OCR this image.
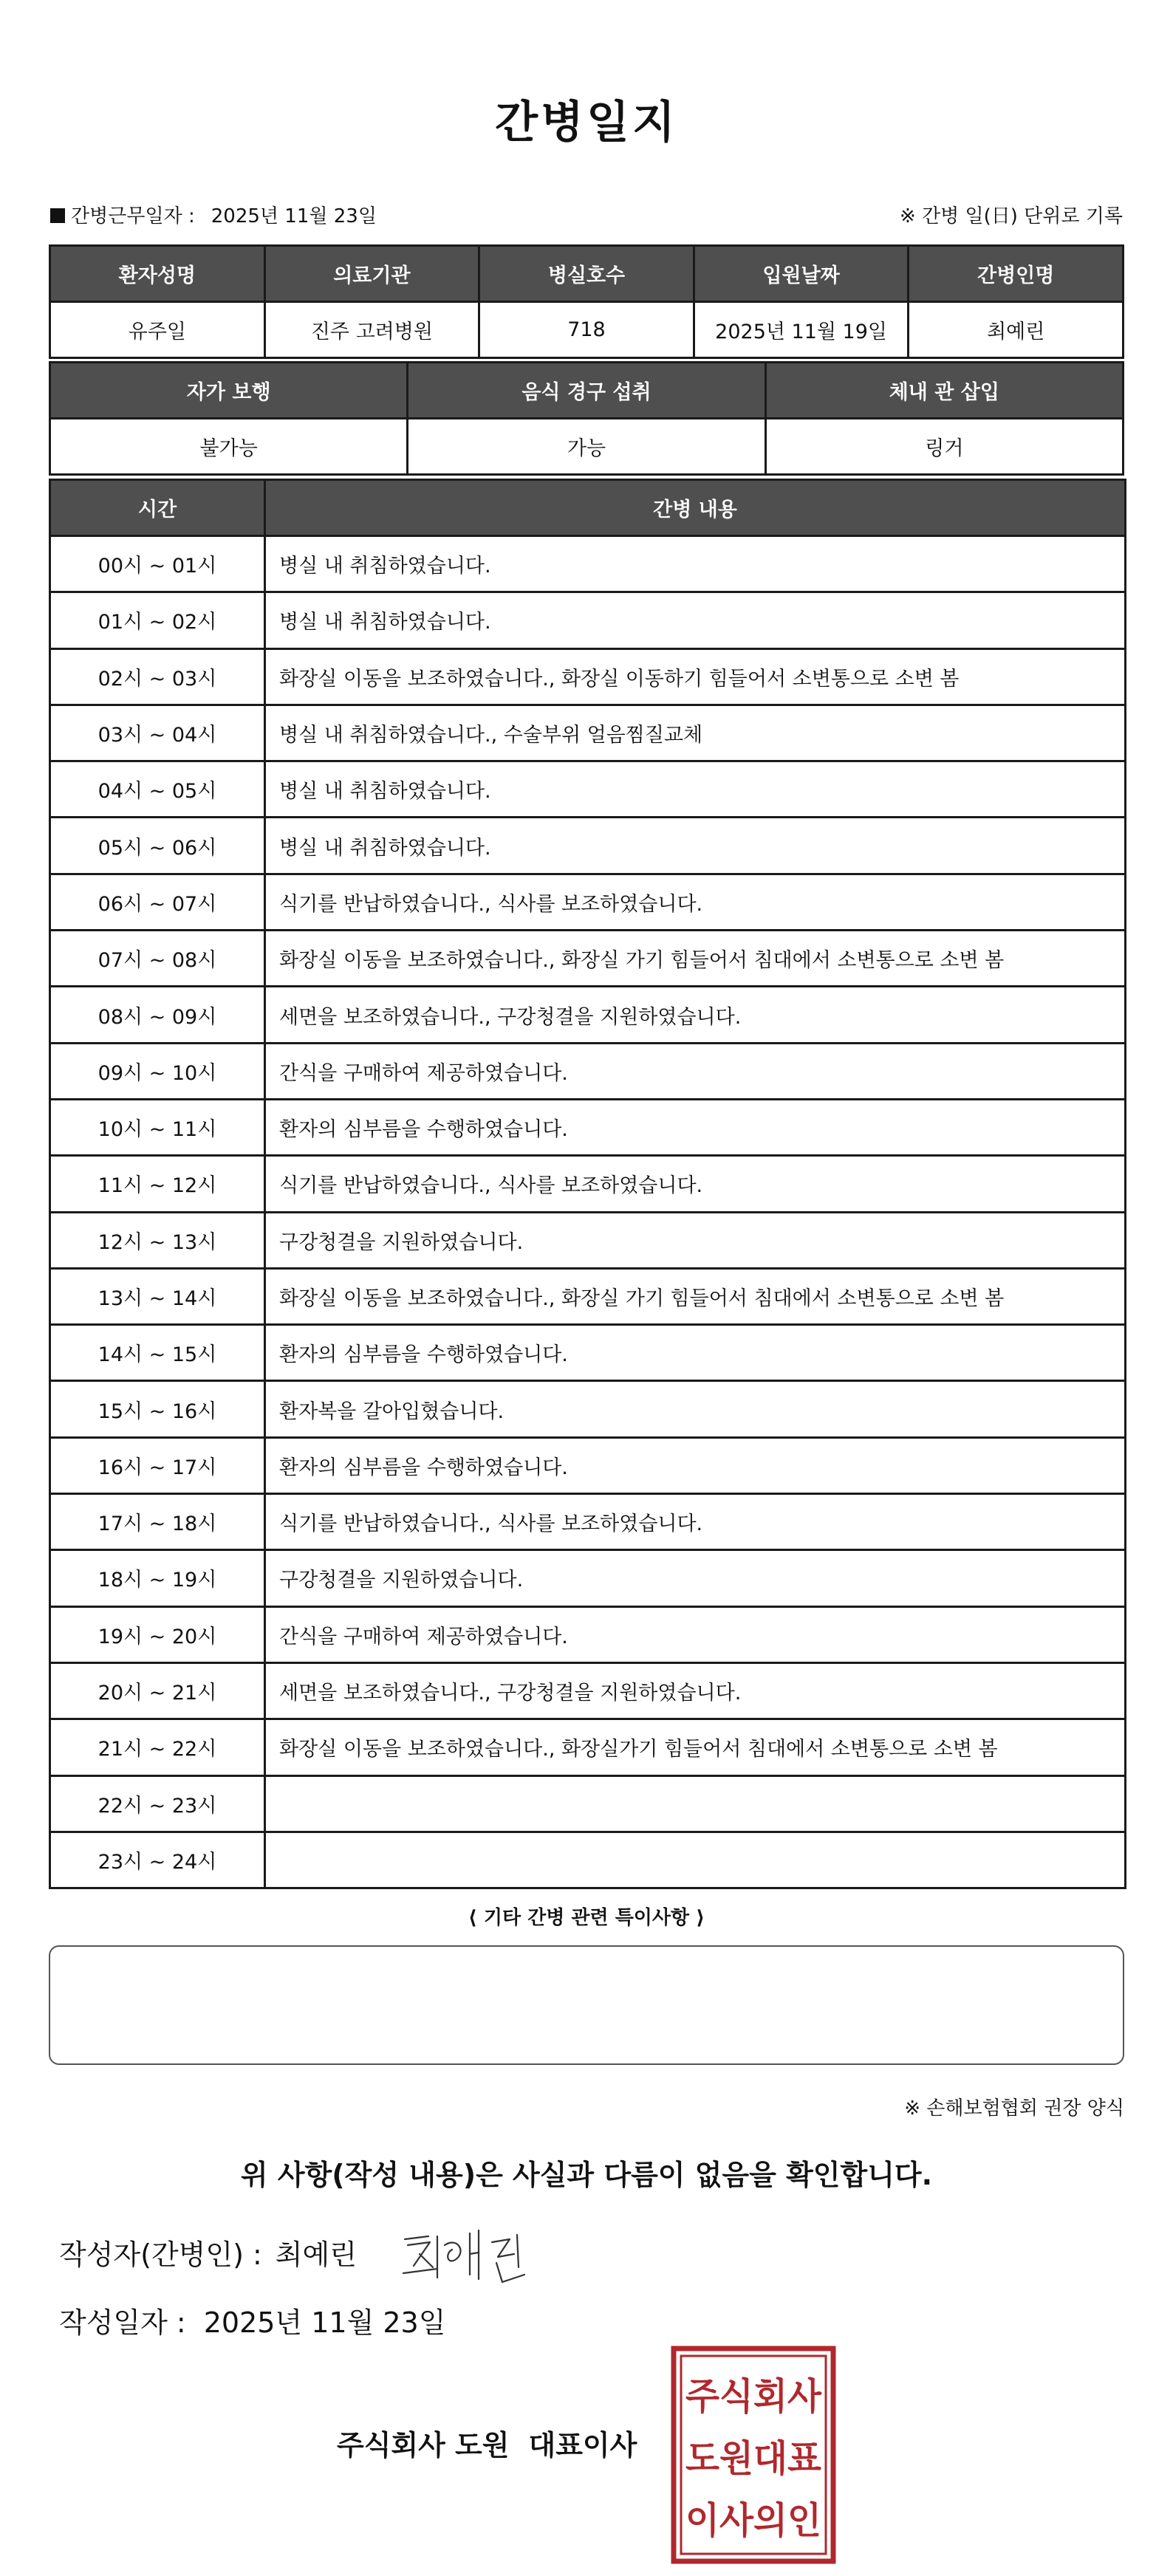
간병일지
간병근무일자 : 2025년 11월 23일	※ 간병 일(日) 단위로 기록
환자성명	의료기관	병실호수	입원날짜	간병인명
유주일	진주 고려병원	718	2025년 11월 19일	최예린
자가 보행	음식 경구 섭취	체내 관 삽입
불가능	가능	링거
시간	간병 내용
00시 ~ 01시	병실 내 취침하였습니다.
01시 ~ 02시	병실 내 취침하였습니다.
02시 ~ 03시	화장실 이동을 보조하였습니다., 화장실 이동하기 힘들어서 소변통으로 소변 봄
03시 ~ 04시	병실 내 취침하였습니다., 수술부위 얼음찜질교체
04시 ~ 05시	병실 내 취침하였습니다.
05시 ~ 06시	병실 내 취침하였습니다.
06시 ~ 07시	식기를 반납하였습니다., 식사를 보조하였습니다.
07시 ~ 08시	화장실 이동을 보조하였습니다., 화장실 가기 힘들어서 침대에서 소변통으로 소변 봄
08시 ~ 09시	세면을 보조하였습니다., 구강청결을 지원하였습니다.
09시 ~ 10시	간식을 구매하여 제공하였습니다.
10시 ~ 11시	환자의 심부름을 수행하였습니다.
11시 ~ 12시	식기를 반납하였습니다., 식사를 보조하였습니다.
12시 ~ 13시	구강청결을 지원하였습니다.
13시 ~ 14시	화장실 이동을 보조하였습니다., 화장실 가기 힘들어서 침대에서 소변통으로 소변 봄
14시 ~ 15시	환자의 심부름을 수행하였습니다.
15시 ~ 16시	환자복을 갈아입혔습니다.
16시 ~ 17시	환자의 심부름을 수행하였습니다.
17시 ~ 18시	식기를 반납하였습니다., 식사를 보조하였습니다.
18시 ~ 19시	구강청결을 지원하였습니다.
19시 ~ 20시	간식을 구매하여 제공하였습니다.
20시 ~ 21시	세면을 보조하였습니다., 구강청결을 지원하였습니다.
21시 ~ 22시	화장실 이동을 보조하였습니다., 화장실가기 힘들어서 침대에서 소변통으로 소변 봄
22시 ~ 23시	
23시 ~ 24시	
⟨ 기타 간병 관련 특이사항 ⟩
※ 손해보험협회 권장 양식
위 사항(작성 내용)은 사실과 다름이 없음을 확인합니다.
작성자(간병인) : 최예린
작성일자 : 2025년 11월 23일
주식회사 도원 대표이사
주식회사
도원대표
이사의인
